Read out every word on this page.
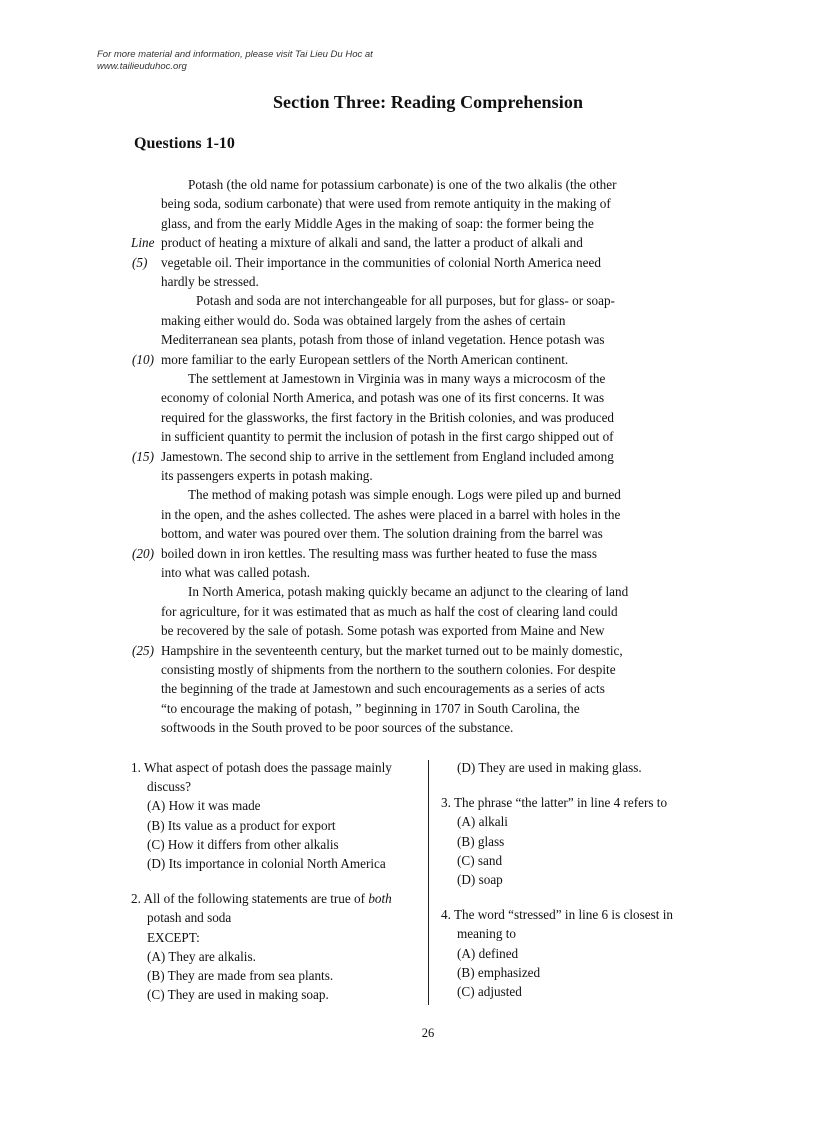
For more material and information, please visit Tai Lieu Du Hoc at
www.tailieuduhoc.org
Section Three: Reading Comprehension
Questions 1-10
Potash (the old name for potassium carbonate) is one of the two alkalis (the other
being soda, sodium carbonate) that were used from remote antiquity in the making of
glass, and from the early Middle Ages in the making of soap: the former being the
product of heating a mixture of alkali and sand, the latter a product of alkali and
vegetable oil. Their importance in the communities of colonial North America need
hardly be stressed.
Potash and soda are not interchangeable for all purposes, but for glass- or soap-
making either would do. Soda was obtained largely from the ashes of certain
Mediterranean sea plants, potash from those of inland vegetation. Hence potash was
more familiar to the early European settlers of the North American continent.
The settlement at Jamestown in Virginia was in many ways a microcosm of the
economy of colonial North America, and potash was one of its first concerns. It was
required for the glassworks, the first factory in the British colonies, and was produced
in sufficient quantity to permit the inclusion of potash in the first cargo shipped out of
Jamestown. The second ship to arrive in the settlement from England included among
its passengers experts in potash making.
The method of making potash was simple enough. Logs were piled up and burned
in the open, and the ashes collected. The ashes were placed in a barrel with holes in the
bottom, and water was poured over them. The solution draining from the barrel was
boiled down in iron kettles. The resulting mass was further heated to fuse the mass
into what was called potash.
In North America, potash making quickly became an adjunct to the clearing of land
for agriculture, for it was estimated that as much as half the cost of clearing land could
be recovered by the sale of potash. Some potash was exported from Maine and New
Hampshire in the seventeenth century, but the market turned out to be mainly domestic,
consisting mostly of shipments from the northern to the southern colonies. For despite
the beginning of the trade at Jamestown and such encouragements as a series of acts
“to encourage the making of potash, ” beginning in 1707 in South Carolina, the
softwoods in the South proved to be poor sources of the substance.
Line
(5)
(10)
(15)
(20)
(25)
1. What aspect of potash does the passage mainly
discuss?
(A) How it was made
(B) Its value as a product for export
(C) How it differs from other alkalis
(D) Its importance in colonial North America
2. All of the following statements are true of both
potash and soda
EXCEPT:
(A) They are alkalis.
(B) They are made from sea plants.
(C) They are used in making soap.
(D) They are used in making glass.
3. The phrase “the latter” in line 4 refers to
(A) alkali
(B) glass
(C) sand
(D) soap
4. The word “stressed” in line 6 is closest in
meaning to
(A) defined
(B) emphasized
(C) adjusted
26
